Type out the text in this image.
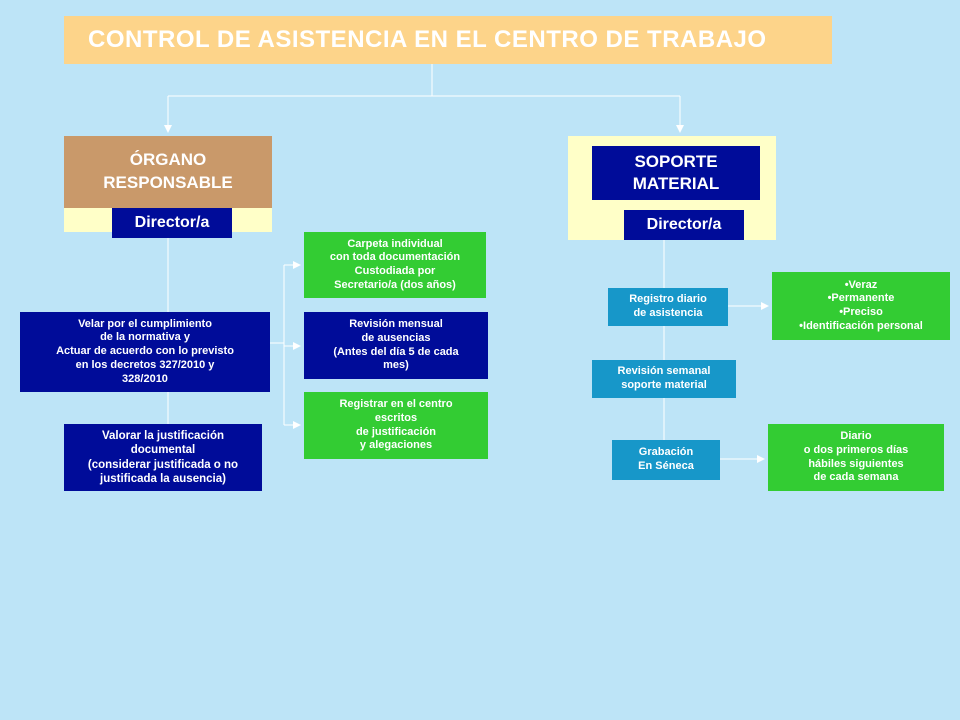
CONTROL DE ASISTENCIA EN EL CENTRO DE TRABAJO
ÓRGANO
RESPONSABLE
Director/a
Velar por el cumplimiento
de la normativa y
Actuar de acuerdo con lo previsto
en los decretos 327/2010 y
328/2010
Valorar la justificación
documental
(considerar justificada o no
justificada la ausencia)
Carpeta individual
con toda documentación
Custodiada por
Secretario/a (dos años)
Revisión mensual
de ausencias
(Antes del día 5 de cada
mes)
Registrar en el centro
escritos
de justificación
y alegaciones
SOPORTE
MATERIAL
Director/a
Registro diario
de asistencia
•Veraz
•Permanente
•Preciso
•Identificación personal
Revisión semanal
soporte material
Grabación
En Séneca
Diario
o dos primeros días
hábiles siguientes
de cada semana
